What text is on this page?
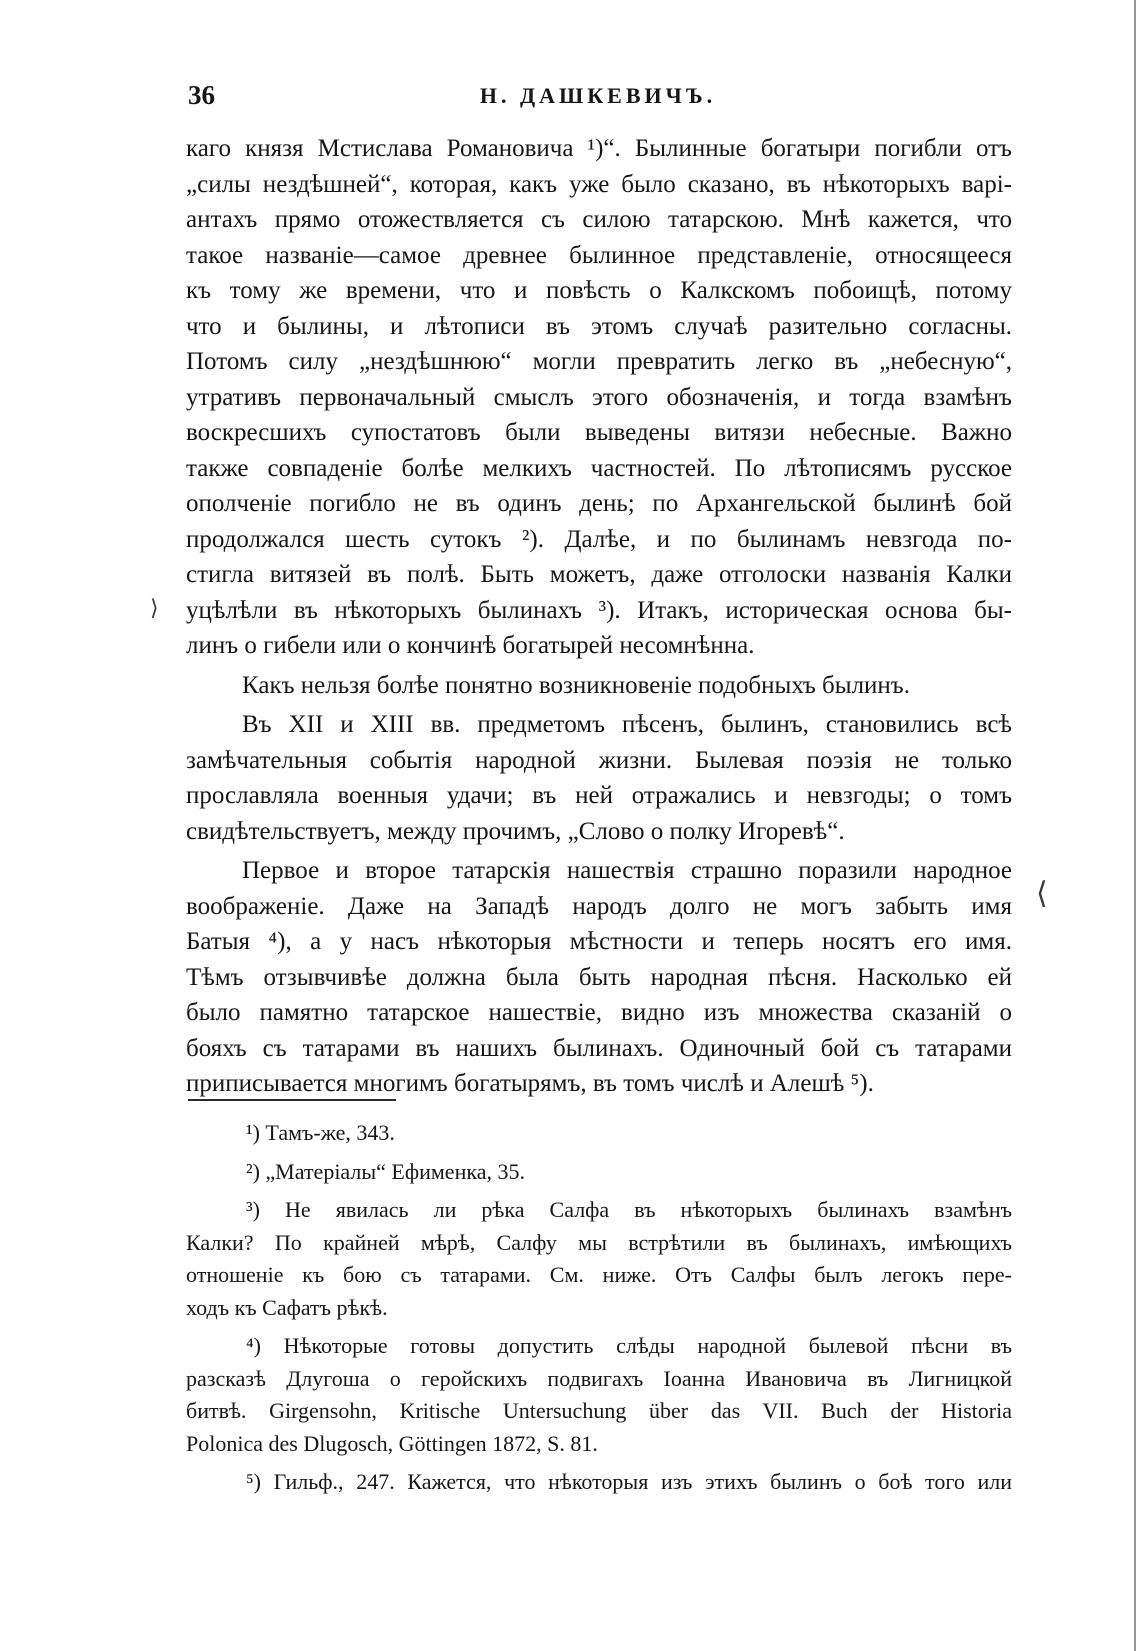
36	Н. ДАШКЕВИЧЪ.
каго князя Мстислава Романовича ¹)“. Былинные богатыри погибли отъ
„силы нездѣшней“, которая, какъ уже было сказано, въ нѣкоторыхъ варі-
антахъ прямо отожествляется съ силою татарскою. Мнѣ кажется, что
такое названіе—самое древнее былинное представленіе, относящееся
къ тому же времени, что и повѣсть о Калкскомъ побоищѣ, потому
что и былины, и лѣтописи въ этомъ случаѣ разительно согласны.
Потомъ силу „нездѣшнюю“ могли превратить легко въ „небесную“,
утративъ первоначальный смыслъ этого обозначенія, и тогда взамѣнъ
воскресшихъ супостатовъ были выведены витязи небесные. Важно
также совпаденіе болѣе мелкихъ частностей. По лѣтописямъ русское
ополченіе погибло не въ одинъ день; по Архангельской былинѣ бой
продолжался шесть сутокъ ²). Далѣе, и по былинамъ невзгода по-
стигла витязей въ полѣ. Быть можетъ, даже отголоски названія Калки
уцѣлѣли въ нѣкоторыхъ былинахъ ³). Итакъ, историческая основа бы-
линъ о гибели или о кончинѣ богатырей несомнѣнна.
Какъ нельзя болѣе понятно возникновеніе подобныхъ былинъ.
Въ XII и XIII вв. предметомъ пѣсенъ, былинъ, становились всѣ
замѣчательныя событія народной жизни. Былевая поэзія не только
прославляла военныя удачи; въ ней отражались и невзгоды; о томъ
свидѣтельствуетъ, между прочимъ, „Слово о полку Игоревѣ“.
Первое и второе татарскія нашествія страшно поразили народное
воображеніе. Даже на Западѣ народъ долго не могъ забыть имя
Батыя ⁴), а у насъ нѣкоторыя мѣстности и теперь носятъ его имя.
Тѣмъ отзывчивѣе должна была быть народная пѣсня. Насколько ей
было памятно татарское нашествіе, видно изъ множества сказаній о
бояхъ съ татарами въ нашихъ былинахъ. Одиночный бой съ татарами
приписывается многимъ богатырямъ, въ томъ числѣ и Алешѣ ⁵).
¹) Тамъ-же, 343.
²) „Матеріалы“ Ефименка, 35.
³) Не явилась ли рѣка Салфа въ нѣкоторыхъ былинахъ взамѣнъ
Калки? По крайней мѣрѣ, Салфу мы встрѣтили въ былинахъ, имѣющихъ
отношеніе къ бою съ татарами. См. ниже. Отъ Салфы былъ легокъ пере-
ходъ къ Сафатъ рѣкѣ.
⁴) Нѣкоторые готовы допустить слѣды народной былевой пѣсни въ
разсказѣ Длугоша о геройскихъ подвигахъ Іоанна Ивановича въ Лигницкой
битвѣ. Girgensohn, Kritische Untersuchung über das VII. Buch der Historia
Polonica des Dlugosch, Göttingen 1872, S. 81.
⁵) Гильф., 247. Кажется, что нѣкоторыя изъ этихъ былинъ о боѣ того или
⟩
⟨
